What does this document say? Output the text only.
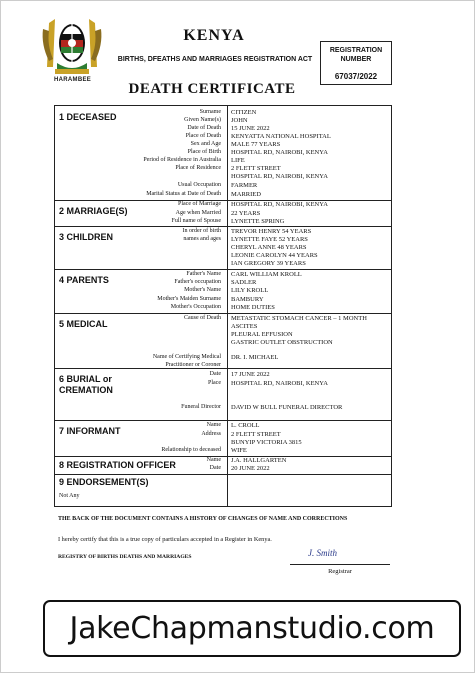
HARAMBEE
KENYA
BIRTHS, DFEATHS AND MARRIAGES REGISTRATION ACT
REGISTRATION
NUMBER
67037/2022
DEATH CERTIFICATE
1 DECEASED	Surname CITIZEN
Given Name(s) JOHN
Date of Death 15 JUNE 2022
Place of Death KENYATTA NATIONAL HOSPITAL
Sex and Age MALE 77 YEARS
Place of Birth HOSPITAL RD, NAIROBI, KENYA
Period of Residence in Australia LIFE
Place of Residence 2 FLETT STREET
HOSPITAL RD, NAIROBI, KENYA
Usual Occupation FARMER
Marital Status at Date of Death MARRIED
2 MARRIAGE(S)
Place of Marriage HOSPITAL RD, NAIROBI, KENYA
Age when Married 22 YEARS
Full name of Spouse LYNETTE SPRING
3 CHILDREN
In order of birth
names and ages
TREVOR HENRY 54 YEARS
LYNETTE FAYE 52 YEARS
CHERYL ANNE 48 YEARS
LEONIE CAROLYN 44 YEARS
IAN GREGORY 39 YEARS
4 PARENTS
Father's Name CARL WILLIAM KROLL
Father's occupation SADLER
Mother's Name LILY KROLL
Mother's Maiden Surname BAMBURY
Mother's Occupation HOME DUTIES
5 MEDICAL
Cause of Death METASTATIC STOMACH CANCER – 1 MONTH
ASCITES
PLEURAL EFFUSION
GASTRIC OUTLET OBSTRUCTION
Name of Certifying Medical
Practitioner or Coroner
DR. I. MICHAEL
6 BURIAL or
CREMATION
Date 17 JUNE 2022
Place HOSPITAL RD, NAIROBI, KENYA
Funeral Director DAVID W BULL FUNERAL DIRECTOR
7 INFORMANT
Name L. CROLL
Address 2 FLETT STREET
BUNYIP VICTORIA 3815
Relationship to deceased WIFE
8 REGISTRATION OFFICER	Name J.A. HALLGARTEN
Date 20 JUNE 2022
9 ENDORSEMENT(S)
Not Any
THE BACK OF THE DOCUMENT CONTAINS A HISTORY OF CHANGES OF NAME AND CORRECTIONS
I hereby certify that this is a true copy of particulars accepted in a Register in Kenya.
REGISTRY OF BIRTHS DEATHS AND MARRIAGES	J. Smith
Registrar
JakeChapmanstudio.com
